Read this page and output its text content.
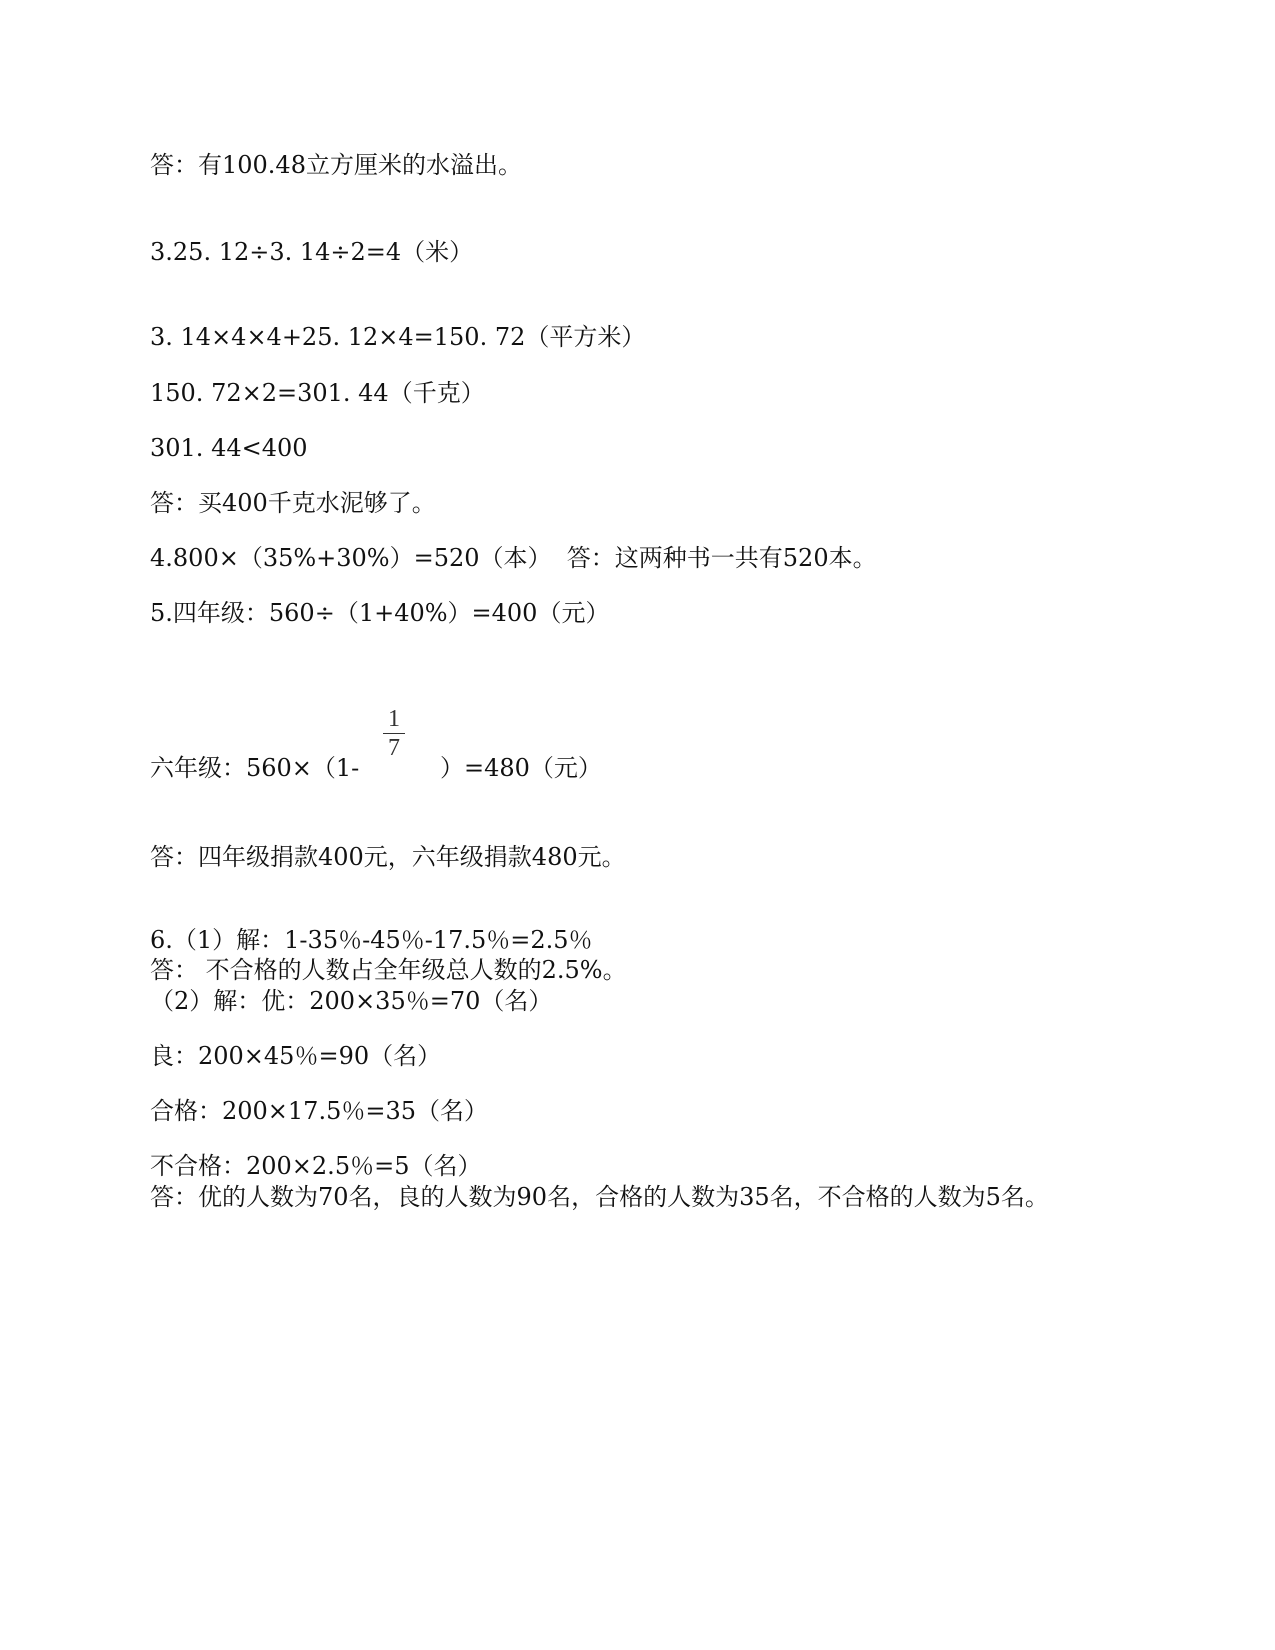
答：有100.48立方厘米的水溢出。
3.25. 12÷3. 14÷2=4（米）
3. 14×4×4+25. 12×4=150. 72（平方米）
150. 72×2=301. 44（千克）
301. 44<400
答：买400千克水泥够了。
4.800×（35%+30%）=520（本）  答：这两种书一共有520本。
5.四年级：560÷（1+40%）=400（元）
六年级：560×（1-
1
7
）=480（元）
答：四年级捐款400元，六年级捐款480元。
6.（1）解：1-35％-45％-17.5％=2.5％
答： 不合格的人数占全年级总人数的2.5%。
（2）解：优：200×35％=70（名）
良：200×45％=90（名）
合格：200×17.5％=35（名）
不合格：200×2.5％=5（名）
答：优的人数为70名，良的人数为90名，合格的人数为35名，不合格的人数为5名。
